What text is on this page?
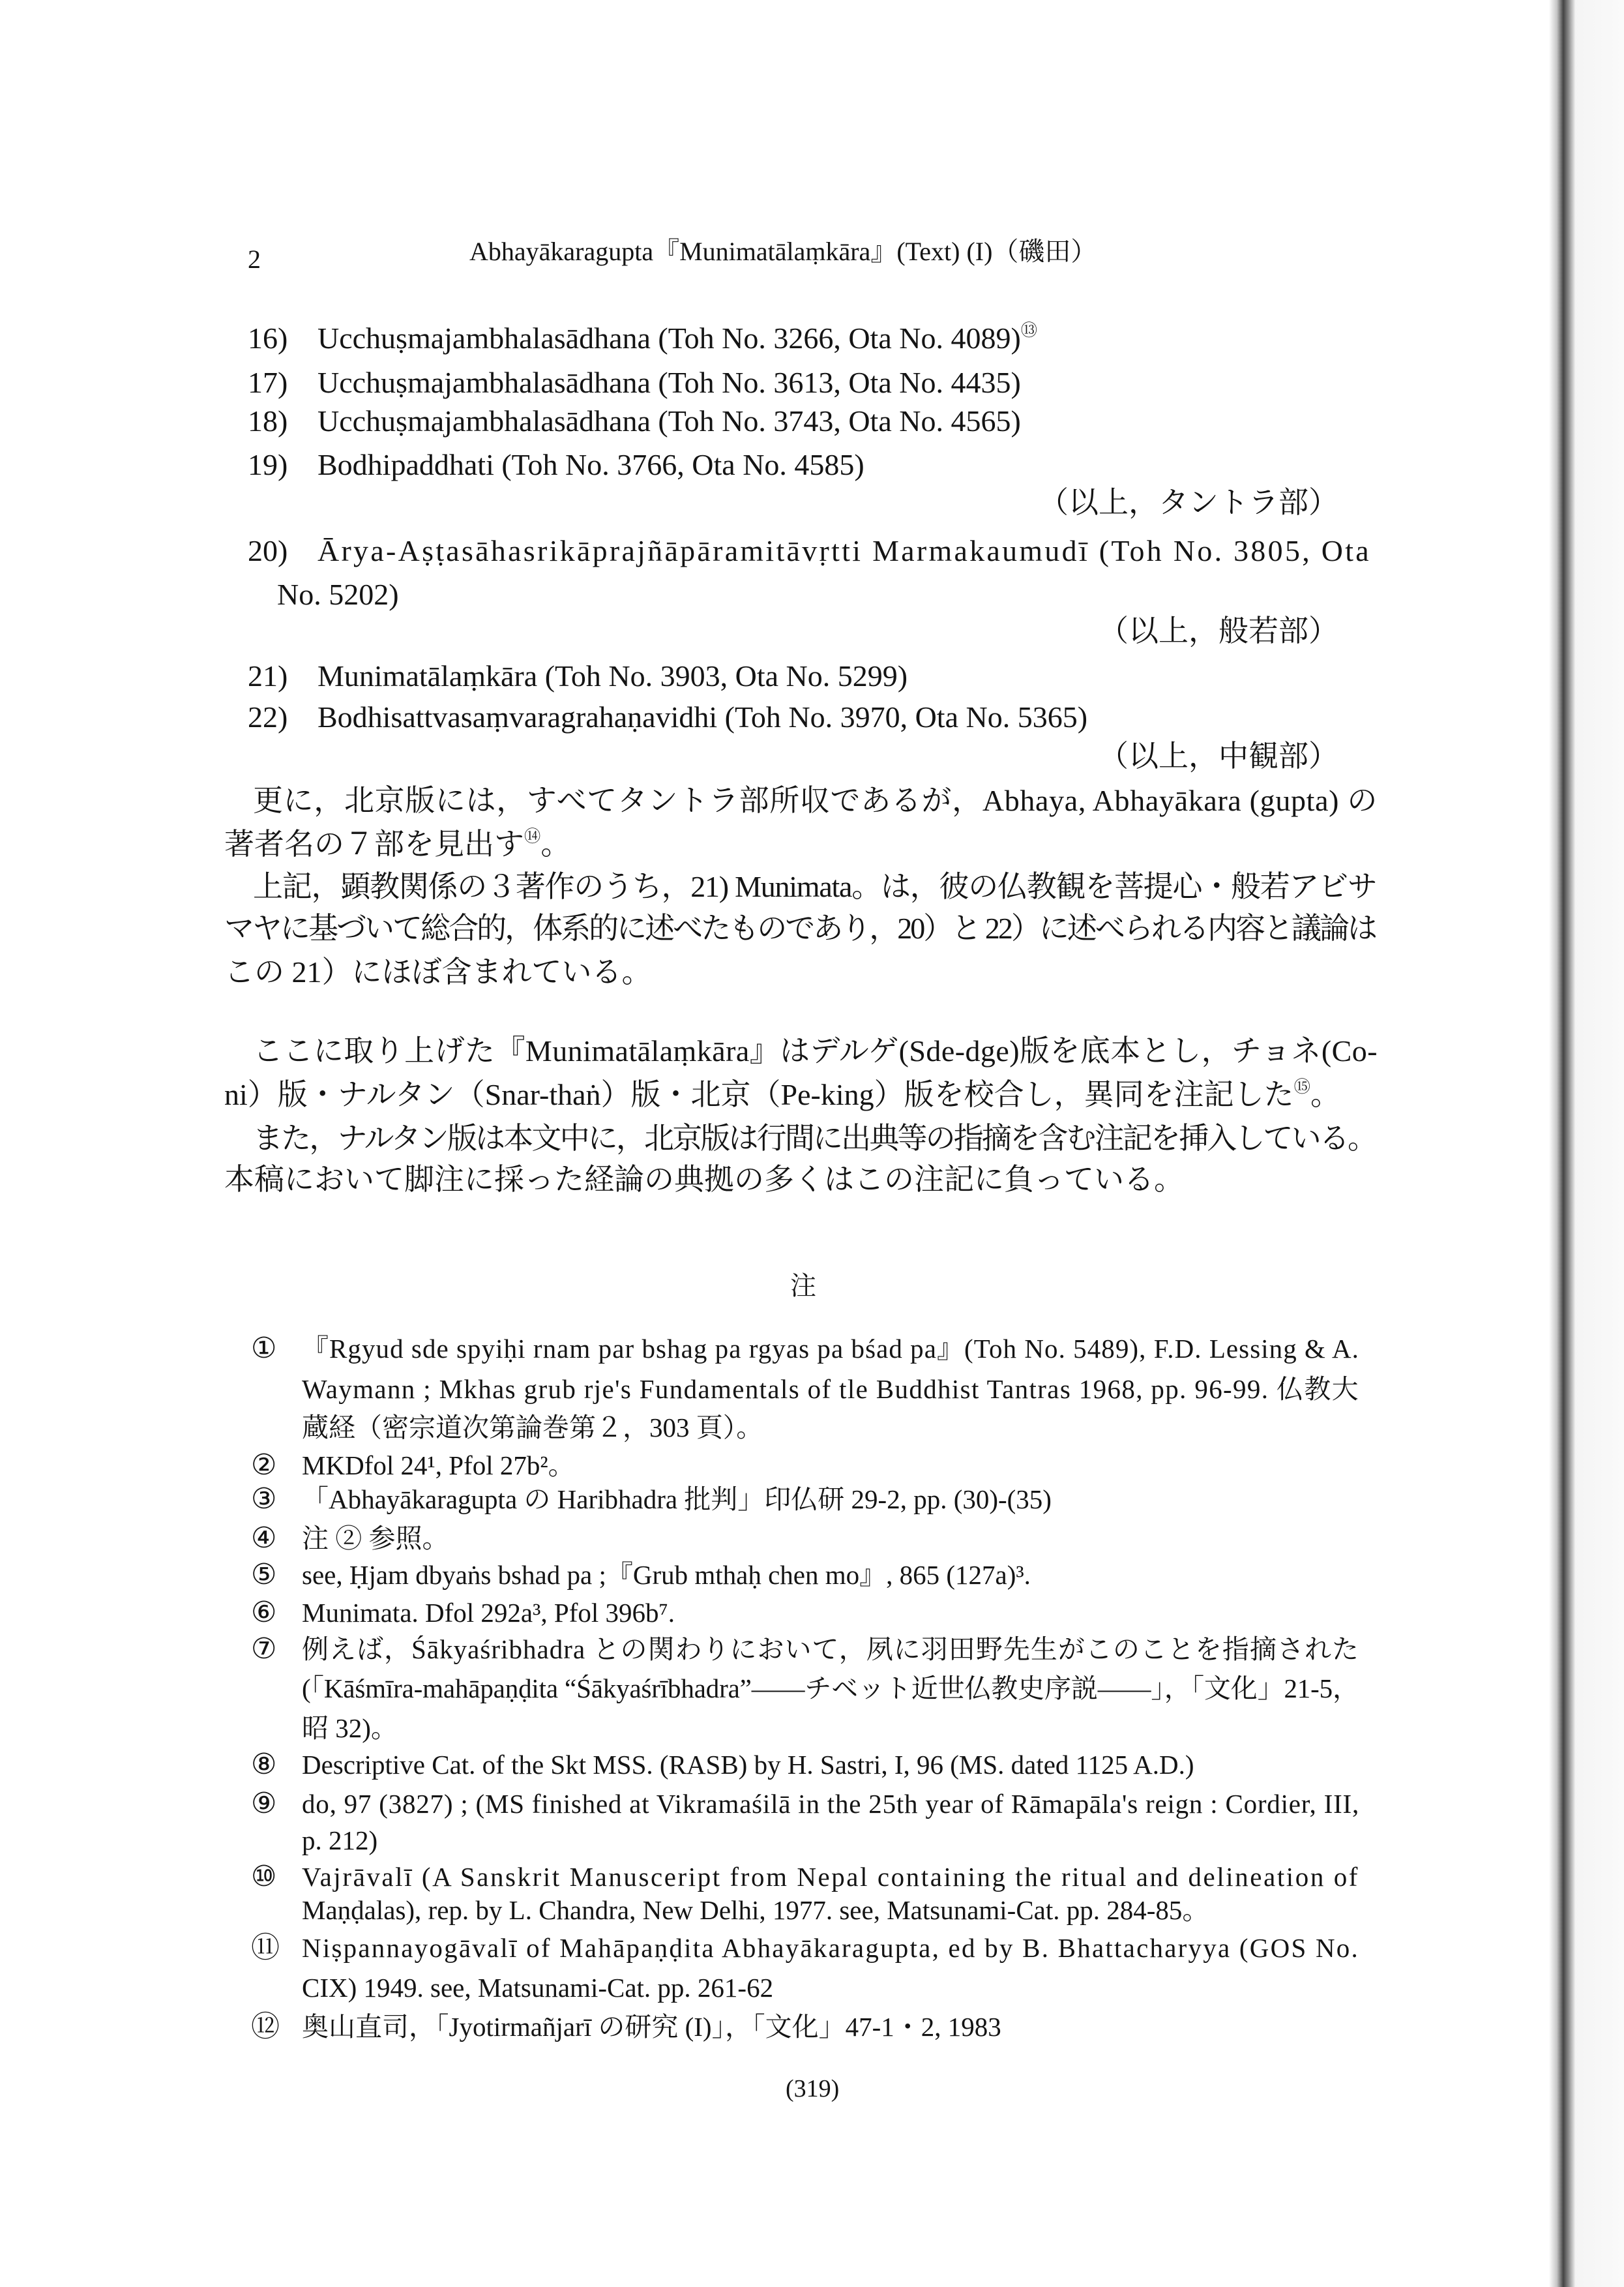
2	Abhayākaragupta『Munimatālaṃkāra』(Text) (I)（磯田）
16) Ucchuṣmajambhalasādhana (Toh No. 3266, Ota No. 4089)⑬
17) Ucchuṣmajambhalasādhana (Toh No. 3613, Ota No. 4435)
18) Ucchuṣmajambhalasādhana (Toh No. 3743, Ota No. 4565)
19) Bodhipaddhati (Toh No. 3766, Ota No. 4585)
（以上，タントラ部）
20) Ārya-Aṣṭasāhasrikāprajñāpāramitāvṛtti Marmakaumudī (Toh No. 3805, Ota
No. 5202)
（以上，般若部）
21) Munimatālaṃkāra (Toh No. 3903, Ota No. 5299)
22) Bodhisattvasaṃvaragrahaṇavidhi (Toh No. 3970, Ota No. 5365)
（以上，中観部）
更に，北京版には，すべてタントラ部所収であるが，Abhaya, Abhayākara (gupta) の
著者名の７部を見出す⑭。
上記，顕教関係の３著作のうち，21) Munimata。は，彼の仏教観を菩提心・般若アビサ
マヤに基づいて総合的，体系的に述べたものであり，20）と 22）に述べられる内容と議論は
この 21）にほぼ含まれている。
ここに取り上げた『Munimatālaṃkāra』はデルゲ(Sde-dge)版を底本とし，チョネ(Co-
ni）版・ナルタン（Snar-thaṅ）版・北京（Pe-king）版を校合し，異同を注記した⑮。
また，ナルタン版は本文中に，北京版は行間に出典等の指摘を含む注記を挿入している。
本稿において脚注に採った経論の典拠の多くはこの注記に負っている。
注
① 『Rgyud sde spyiḥi rnam par bshag pa rgyas pa bśad pa』(Toh No. 5489), F.D. Lessing & A.
Waymann ; Mkhas grub rje's Fundamentals of tle Buddhist Tantras 1968, pp. 96-99. 仏教大
蔵経（密宗道次第論巻第２，303 頁）。
② MKDfol 24¹, Pfol 27b²。
③ 「Abhayākaragupta の Haribhadra 批判」印仏研 29-2, pp. (30)-(35)
④ 注 ② 参照。
⑤ see, Ḥjam dbyaṅs bshad pa ;『Grub mthaḥ chen mo』, 865 (127a)³.
⑥ Munimata. Dfol 292a³, Pfol 396b⁷.
⑦ 例えば，Śākyaśribhadra との関わりにおいて，夙に羽田野先生がこのことを指摘された
(「Kāśmīra-mahāpaṇḍita “Śākyaśrībhadra”――チベット近世仏教史序説――」，「文化」21-5，
昭 32)。
⑧ Descriptive Cat. of the Skt MSS. (RASB) by H. Sastri, I, 96 (MS. dated 1125 A.D.)
⑨ do, 97 (3827) ; (MS finished at Vikramaśilā in the 25th year of Rāmapāla's reign : Cordier, III,
p. 212)
⑩ Vajrāvalī (A Sanskrit Manusceript from Nepal containing the ritual and delineation of
Maṇḍalas), rep. by L. Chandra, New Delhi, 1977. see, Matsunami-Cat. pp. 284-85。
⑪ Niṣpannayogāvalī of Mahāpaṇḍita Abhayākaragupta, ed by B. Bhattacharyya (GOS No.
CIX) 1949. see, Matsunami-Cat. pp. 261-62
⑫ 奥山直司，「Jyotirmañjarī の研究 (I)」，「文化」47-1・2, 1983
(319)
